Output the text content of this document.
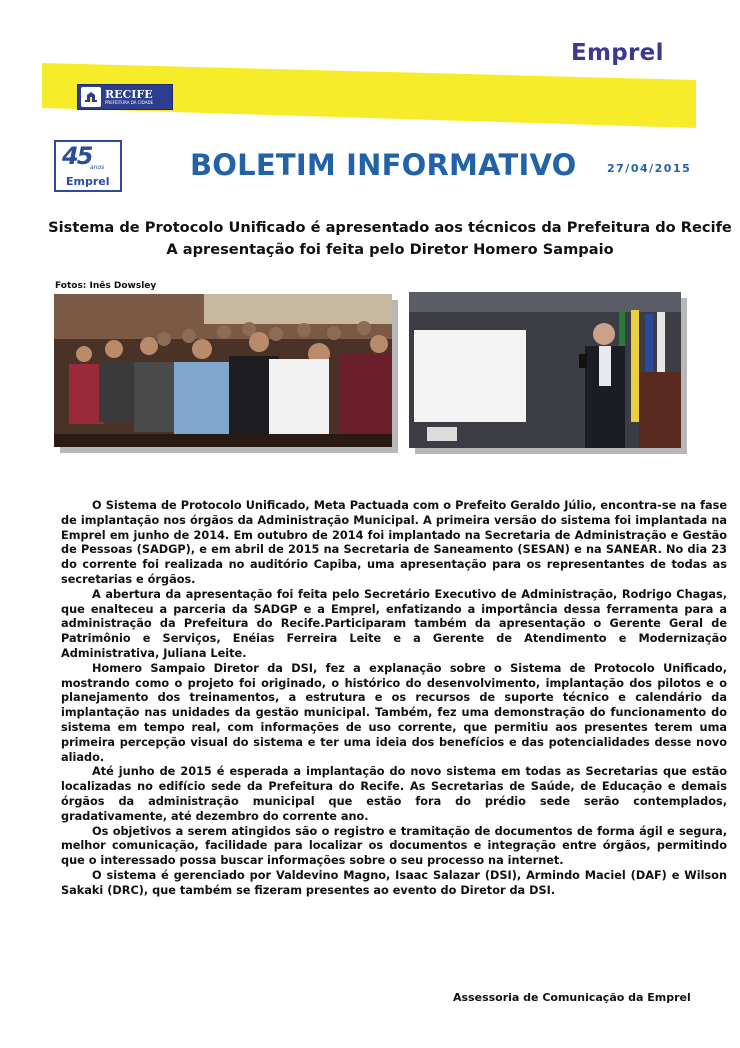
Emprel
RECIFE
PREFEITURA DA CIDADE
45
anos
Emprel	BOLETIM INFORMATIVO	27/04/2015
Sistema de Protocolo Unificado é apresentado aos técnicos da Prefeitura do Recife
A apresentação foi feita pelo Diretor Homero Sampaio
Fotos: Inês Dowsley

O Sistema de Protocolo Unificado, Meta Pactuada com o Prefeito Geraldo Júlio, encontra-se na fase de implantação nos órgãos da Administração Municipal. A primeira versão do sistema foi implantada na Emprel em junho de 2014. Em outubro de 2014 foi implantado na Secretaria de Administração e Gestão de Pessoas (SADGP), e em abril de 2015 na Secretaria de Saneamento (SESAN) e na SANEAR. No dia 23 do corrente foi realizada no auditório Capiba, uma apresentação para os representantes de todas as secretarias e órgãos.

A abertura da apresentação foi feita pelo Secretário Executivo de Administração, Rodrigo Chagas, que enalteceu a parceria da SADGP e a Emprel, enfatizando a importância dessa ferramenta para a administração da Prefeitura do Recife.Participaram também da apresentação o Gerente Geral de Patrimônio e Serviços, Enéias Ferreira Leite e a Gerente de Atendimento e Modernização Administrativa, Juliana Leite.

Homero Sampaio Diretor da DSI, fez a explanação sobre o Sistema de Protocolo Unificado, mostrando como o projeto foi originado, o histórico do desenvolvimento, implantação dos pilotos e o planejamento dos treinamentos, a estrutura e os recursos de suporte técnico e calendário da implantação nas unidades da gestão municipal. Também, fez uma demonstração do funcionamento do sistema em tempo real, com informações de uso corrente, que permitiu aos presentes terem uma primeira percepção visual do sistema e ter uma ideia dos benefícios e das potencialidades desse novo aliado.

Até junho de 2015 é esperada a implantação do novo sistema em todas as Secretarias que estão localizadas no edifício sede da Prefeitura do Recife. As Secretarias de Saúde, de Educação e demais órgãos da administração municipal que estão fora do prédio sede serão contemplados, gradativamente, até dezembro do corrente ano.

Os objetivos a serem atingidos são o registro e tramitação de documentos de forma ágil e segura, melhor comunicação, facilidade para localizar os documentos e integração entre órgãos, permitindo que o interessado possa buscar informações sobre o seu processo na internet.

O sistema é gerenciado por Valdevino Magno, Isaac Salazar (DSI), Armindo Maciel (DAF) e Wilson Sakaki (DRC), que também se fizeram presentes ao evento do Diretor da DSI.

Assessoria de Comunicação da Emprel
